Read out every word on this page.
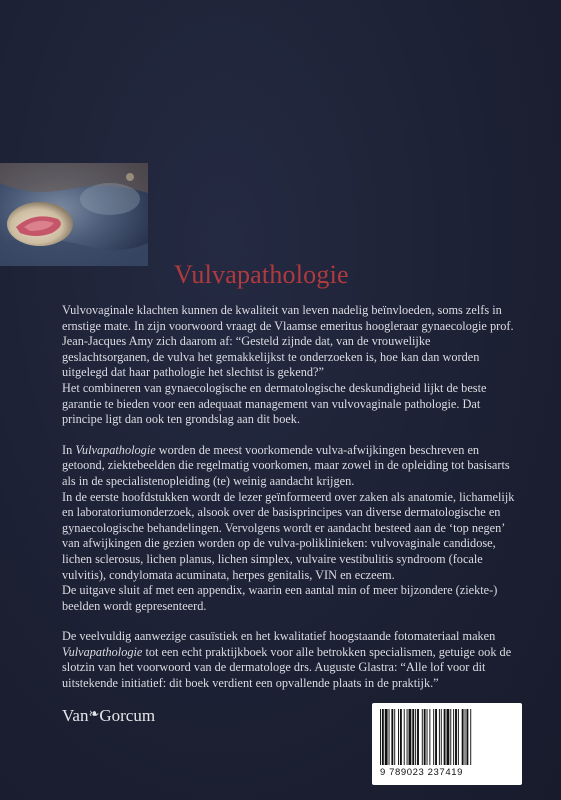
Vulvapathologie

Vulvovaginale klachten kunnen de kwaliteit van leven nadelig beïnvloeden, soms zelfs in ernstige mate. In zijn voorwoord vraagt de Vlaamse emeritus hoogleraar gynaecologie prof. Jean-Jacques Amy zich daarom af: “Gesteld zijnde dat, van de vrouwelijke geslachtsorganen, de vulva het gemakkelijkst te onderzoeken is, hoe kan dan worden uitgelegd dat haar pathologie het slechtst is gekend?”

Het combineren van gynaecologische en dermatologische deskundigheid lijkt de beste garantie te bieden voor een adequaat management van vulvovaginale pathologie. Dat principe ligt dan ook ten grondslag aan dit boek.

In Vulvapathologie worden de meest voorkomende vulva-afwijkingen beschreven en getoond, ziektebeelden die regelmatig voorkomen, maar zowel in de opleiding tot basisarts als in de specialistenopleiding (te) weinig aandacht krijgen.

In de eerste hoofdstukken wordt de lezer geïnformeerd over zaken als anatomie, lichamelijk en laboratoriumonderzoek, alsook over de basisprincipes van diverse dermatologische en gynaecologische behandelingen. Vervolgens wordt er aandacht besteed aan de ‘top negen’ van afwijkingen die gezien worden op de vulva-poliklinieken: vulvovaginale candidose, lichen sclerosus, lichen planus, lichen simplex, vulvaire vestibulitis syndroom (focale vulvitis), condylomata acuminata, herpes genitalis, VIN en eczeem.

De uitgave sluit af met een appendix, waarin een aantal min of meer bijzondere (ziekte-) beelden wordt gepresenteerd.

De veelvuldig aanwezige casuïstiek en het kwalitatief hoogstaande fotomateriaal maken Vulvapathologie tot een echt praktijkboek voor alle betrokken specialismen, getuige ook de slotzin van het voorwoord van de dermatologe drs. Auguste Glastra: “Alle lof voor dit uitstekende initiatief: dit boek verdient een opvallende plaats in de praktijk.”

Van❧Gorcum
9 789023 237419
